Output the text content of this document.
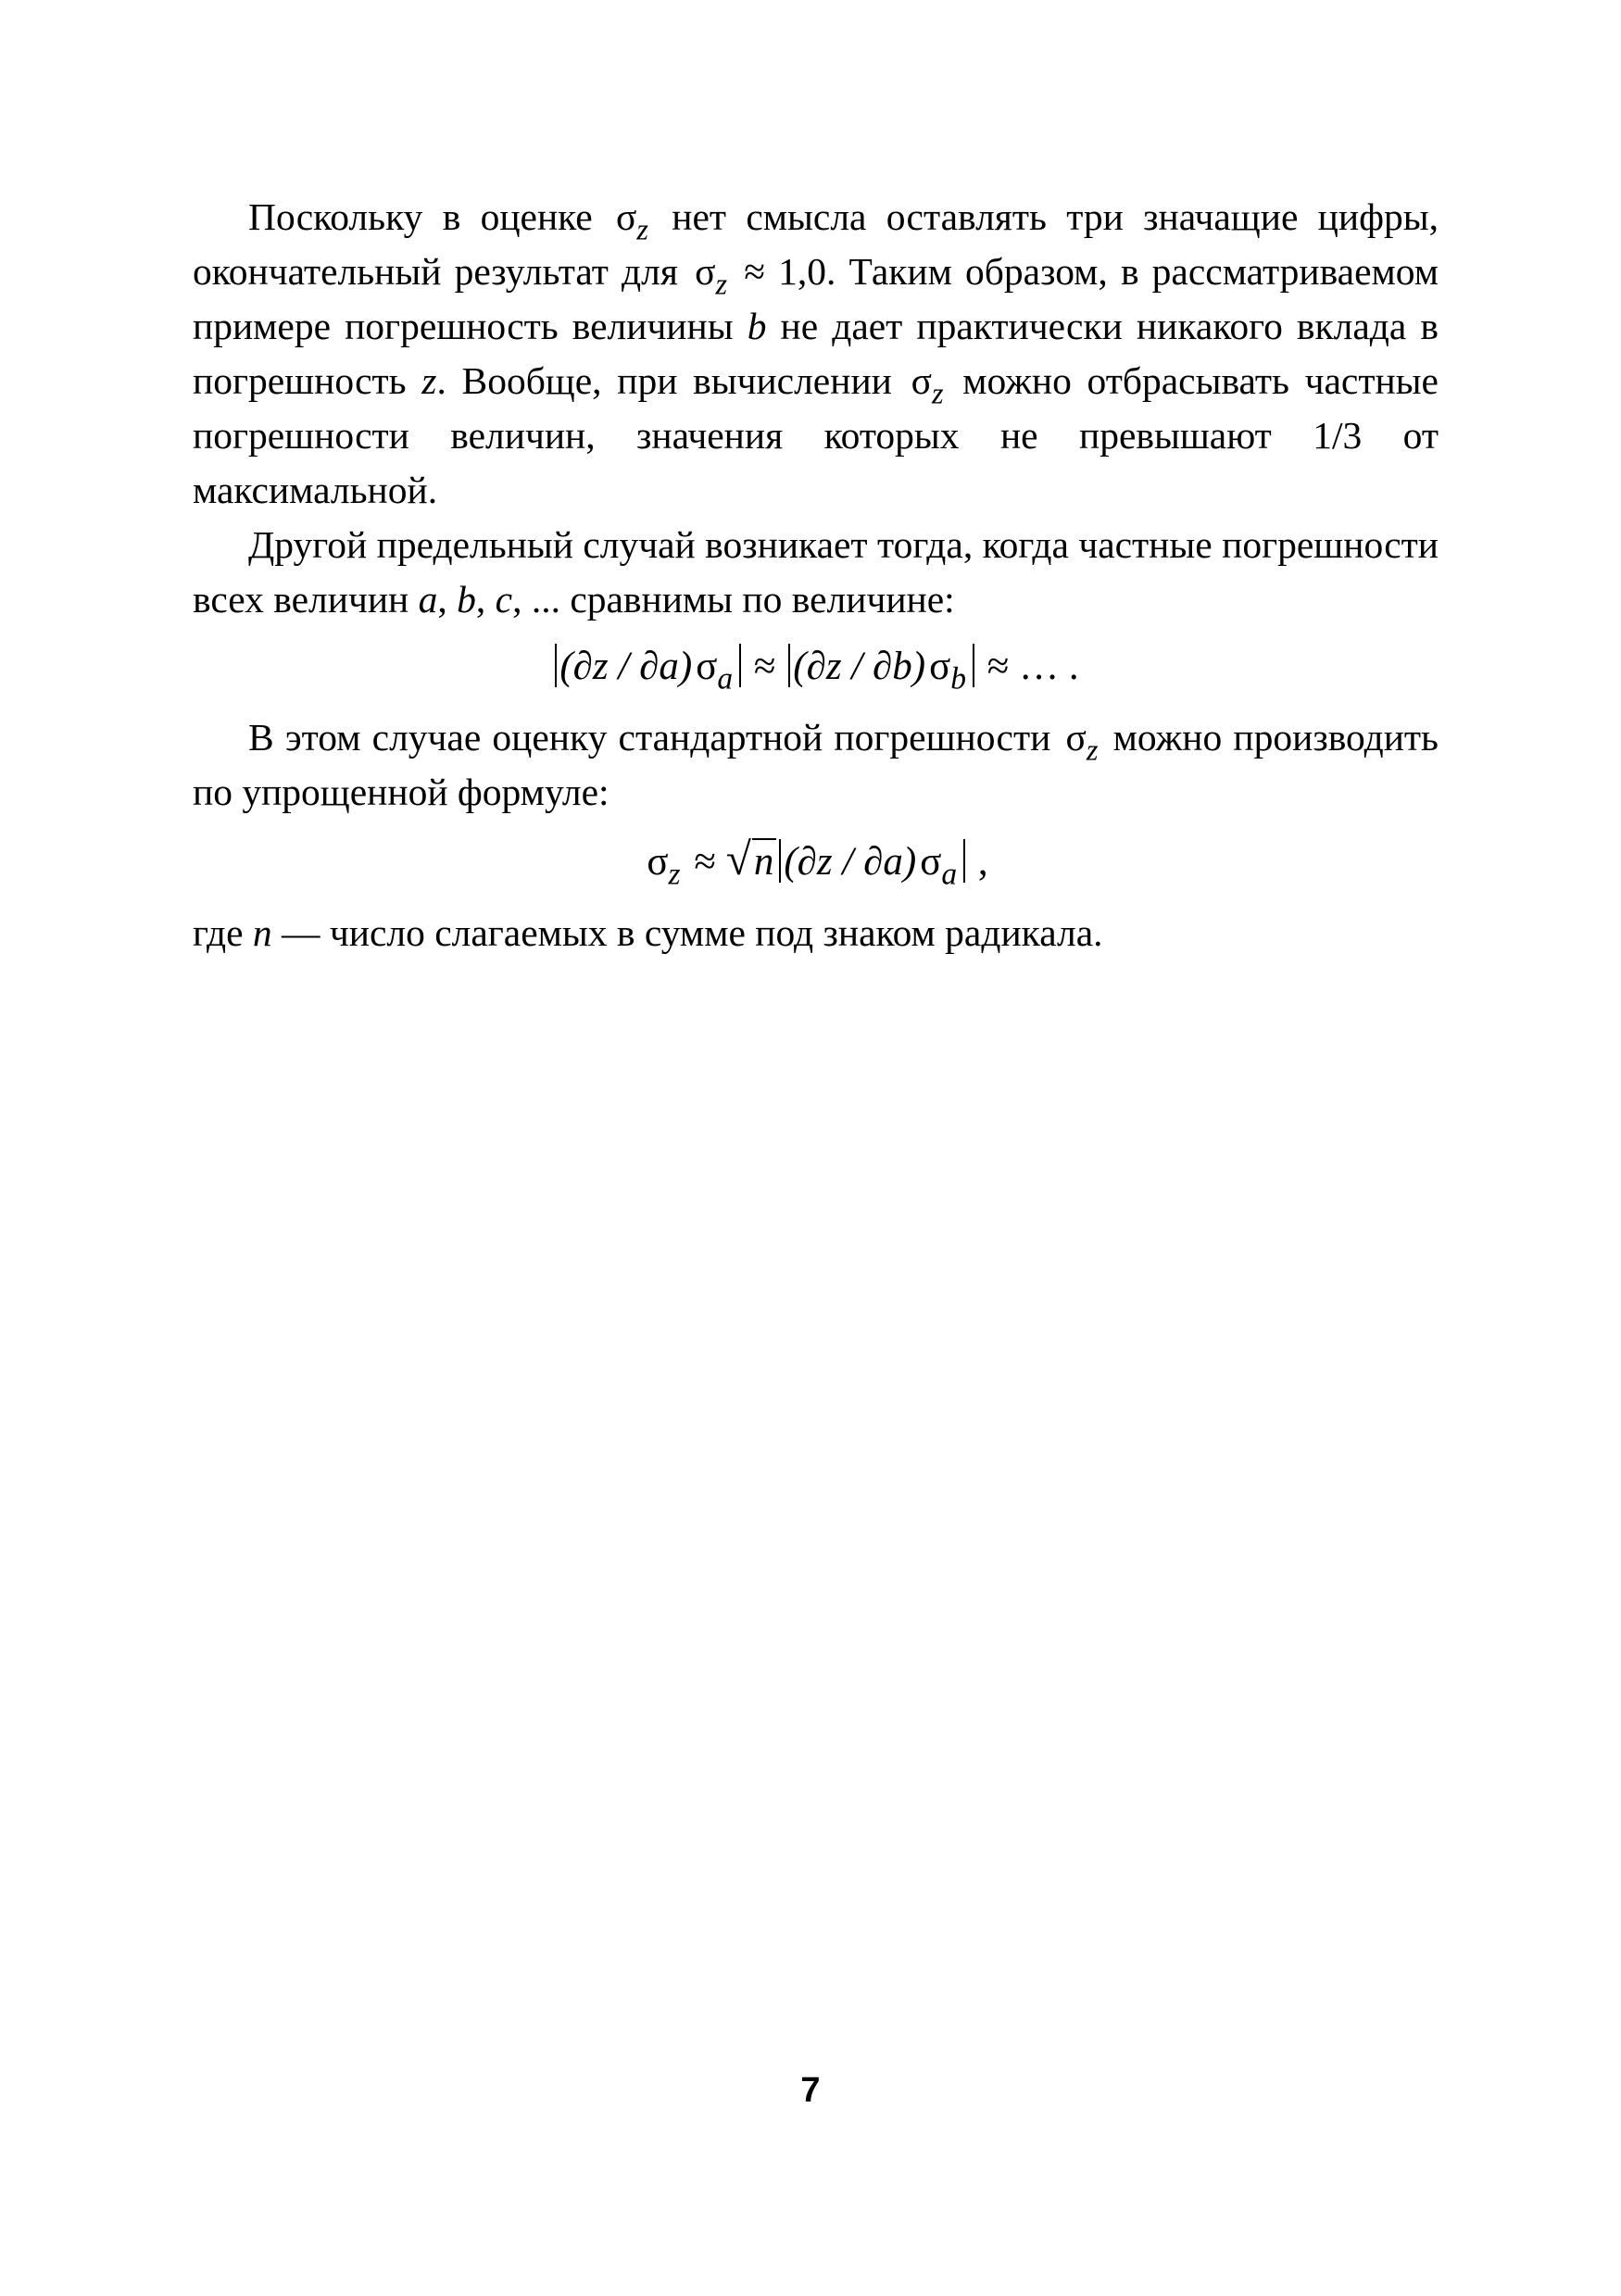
Поскольку в оценке $\sigma_z$ нет смысла оставлять три значащие цифры, окончательный результат для $\sigma_z \approx 1,0$. Таким образом, в рассматриваемом примере погрешность величины b не дает практически никакого вклада в погрешность z. Вообще, при вычислении $\sigma_z$ можно отбрасывать частные погрешности величин, значения которых не превышают 1/3 от максимальной.

Другой предельный случай возникает тогда, когда частные погрешности всех величин a, b, c, ... сравнимы по величине:

$(\partial z / \partial a)\sigma_a \approx (\partial z / \partial b)\sigma_b$ ≈ … .

В этом случае оценку стандартной погрешности $\sigma_z$ можно производить по упрощенной формуле:

$\sigma_z \approx √n$ $(\partial z / \partial a)\sigma_a$ ,

где n — число слагаемых в сумме под знаком радикала.

7
